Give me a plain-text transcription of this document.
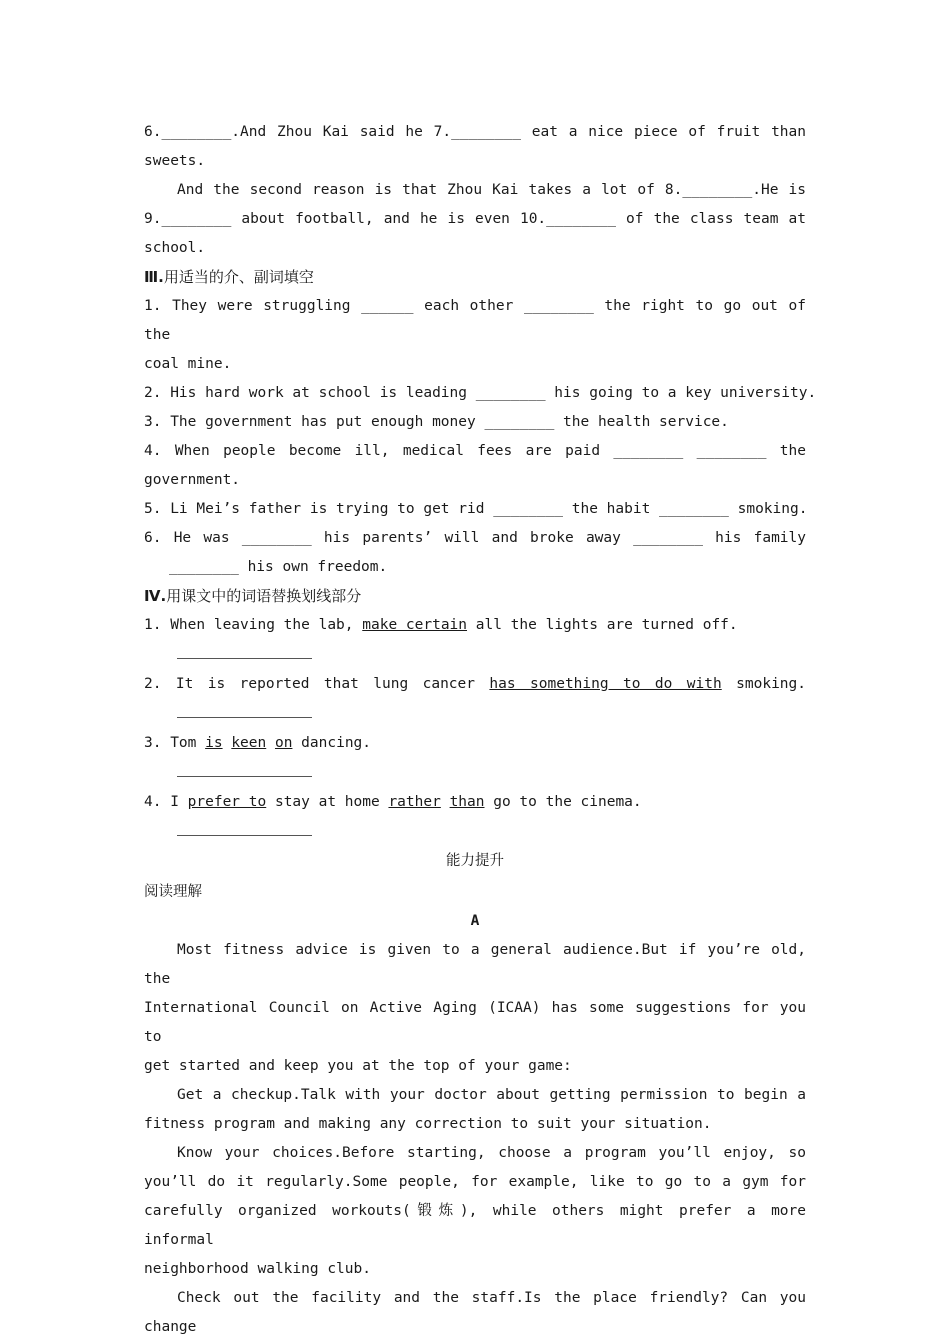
6.________.And Zhou Kai said he 7.________ eat a nice piece of fruit than
sweets.
And the second reason is that Zhou Kai takes a lot of 8.________.He is
9.________ about football, and he is even 10.________ of the class team at
school.
Ⅲ.用适当的介、副词填空
1. They were struggling ______ each other ________ the right to go out of the
coal mine.
2. His hard work at school is leading ________ his going to a key university.
3. The government has put enough money ________ the health service.
4. When people become ill, medical fees are paid ________ ________ the
government.
5. Li Mei’s father is trying to get rid ________ the habit ________ smoking.
6. He was ________ his parents’ will and broke away ________ his family
________ his own freedom.
Ⅳ.用课文中的词语替换划线部分
1. When leaving the lab, make certain all the lights are turned off.
2. It is reported that lung cancer has something to do with smoking.
3. Tom is keen on dancing.
4. I prefer to stay at home rather than go to the cinema.
能力提升
阅读理解
A
Most fitness advice is given to a general audience.But if you’re old, the
International Council on Active Aging (ICAA) has some suggestions for you to
get started and keep you at the top of your game:
Get a checkup.Talk with your doctor about getting permission to begin a
fitness program and making any correction to suit your situation.
Know your choices.Before starting, choose a program you’ll enjoy, so
you’ll do it regularly.Some people, for example, like to go to a gym for
carefully organized workouts(锻炼), while others might prefer a more informal
neighborhood walking club.
Check out the facility and the staff.Is the place friendly? Can you change
